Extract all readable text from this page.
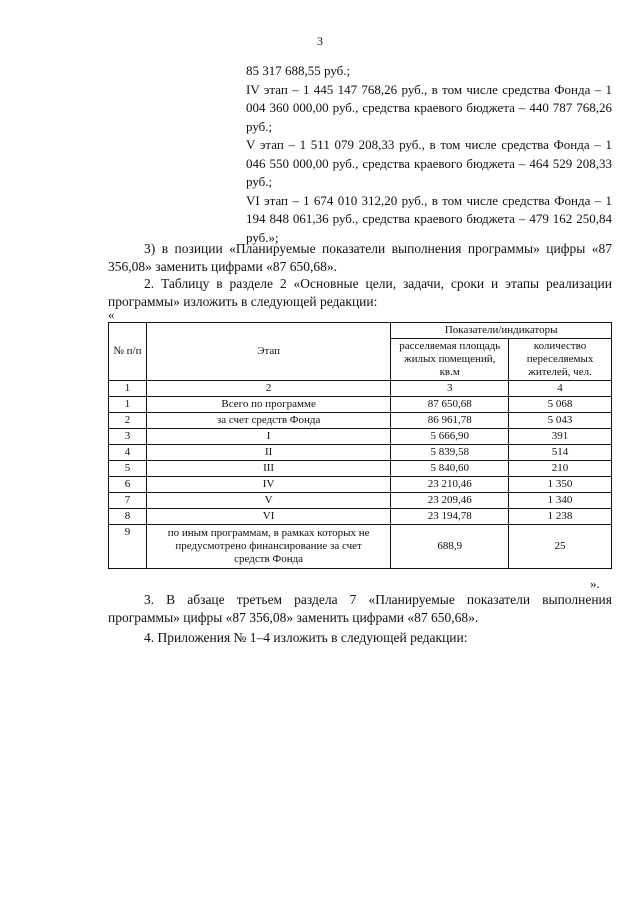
3

85 317 688,55 руб.;

IV этап – 1 445 147 768,26 руб., в том числе средства Фонда – 1 004 360 000,00 руб., средства краевого бюджета – 440 787 768,26 руб.;

V этап – 1 511 079 208,33 руб., в том числе средства Фонда – 1 046 550 000,00 руб., средства краевого бюджета – 464 529 208,33 руб.;

VI этап – 1 674 010 312,20 руб., в том числе средства Фонда – 1 194 848 061,36 руб., средства краевого бюджета – 479 162 250,84 руб.»;

3) в позиции «Планируемые показатели выполнения программы» цифры «87 356,08» заменить цифрами «87 650,68».

2. Таблицу в разделе 2 «Основные цели, задачи, сроки и этапы реализации программы» изложить в следующей редакции:

«
№ п/п	Этап	Показатели/индикаторы	
		расселяемая площадь жилых помещений, кв.м	количество переселяемых жителей, чел.
1	2	3	4
1	Всего по программе	87 650,68	5 068
2	за счет средств Фонда	86 961,78	5 043
3	I	5 666,90	391
4	II	5 839,58	514
5	III	5 840,60	210
6	IV	23 210,46	1 350
7	V	23 209,46	1 340
8	VI	23 194,78	1 238
9	по иным программам, в рамках которых не предусмотрено финансирование за счет средств Фонда	688,9	25
».

3. В абзаце третьем раздела 7 «Планируемые показатели выполнения программы» цифры «87 356,08» заменить цифрами «87 650,68».

4. Приложения № 1–4 изложить в следующей редакции:
